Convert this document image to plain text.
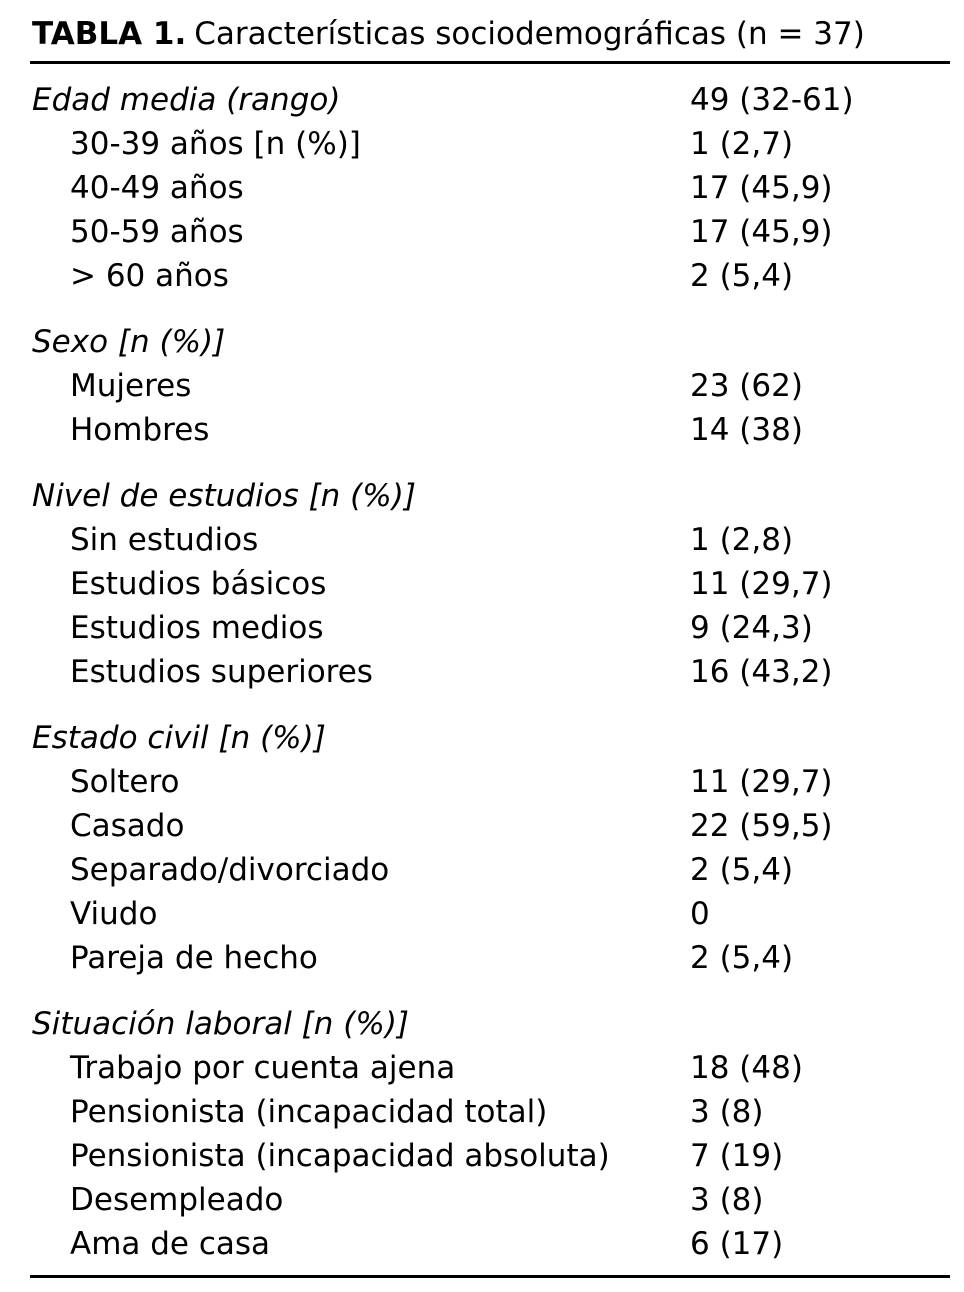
TABLA 1. Características sociodemográficas (n = 37)
Edad media (rango)	49 (32-61)
30-39 años [n (%)]	1 (2,7)
40-49 años	17 (45,9)
50-59 años	17 (45,9)
> 60 años	2 (5,4)
Sexo [n (%)]
Mujeres	23 (62)
Hombres	14 (38)
Nivel de estudios [n (%)]
Sin estudios	1 (2,8)
Estudios básicos	11 (29,7)
Estudios medios	9 (24,3)
Estudios superiores	16 (43,2)
Estado civil [n (%)]
Soltero	11 (29,7)
Casado	22 (59,5)
Separado/divorciado	2 (5,4)
Viudo	0
Pareja de hecho	2 (5,4)
Situación laboral [n (%)]
Trabajo por cuenta ajena	18 (48)
Pensionista (incapacidad total)	3 (8)
Pensionista (incapacidad absoluta)	7 (19)
Desempleado	3 (8)
Ama de casa	6 (17)
